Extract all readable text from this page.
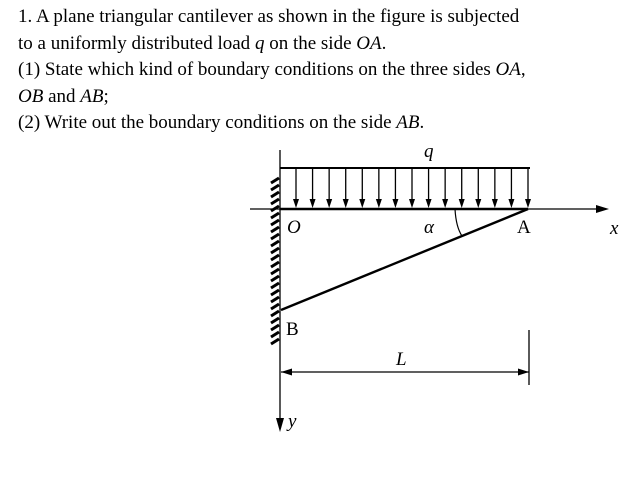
1. A plane triangular cantilever as shown in the figure is subjected
to a uniformly distributed load q on the side OA.
(1) State which kind of boundary conditions on the three sides OA,
OB and AB;
(2) Write out the boundary conditions on the side AB.
q
O	α	A	x
B
L
y
